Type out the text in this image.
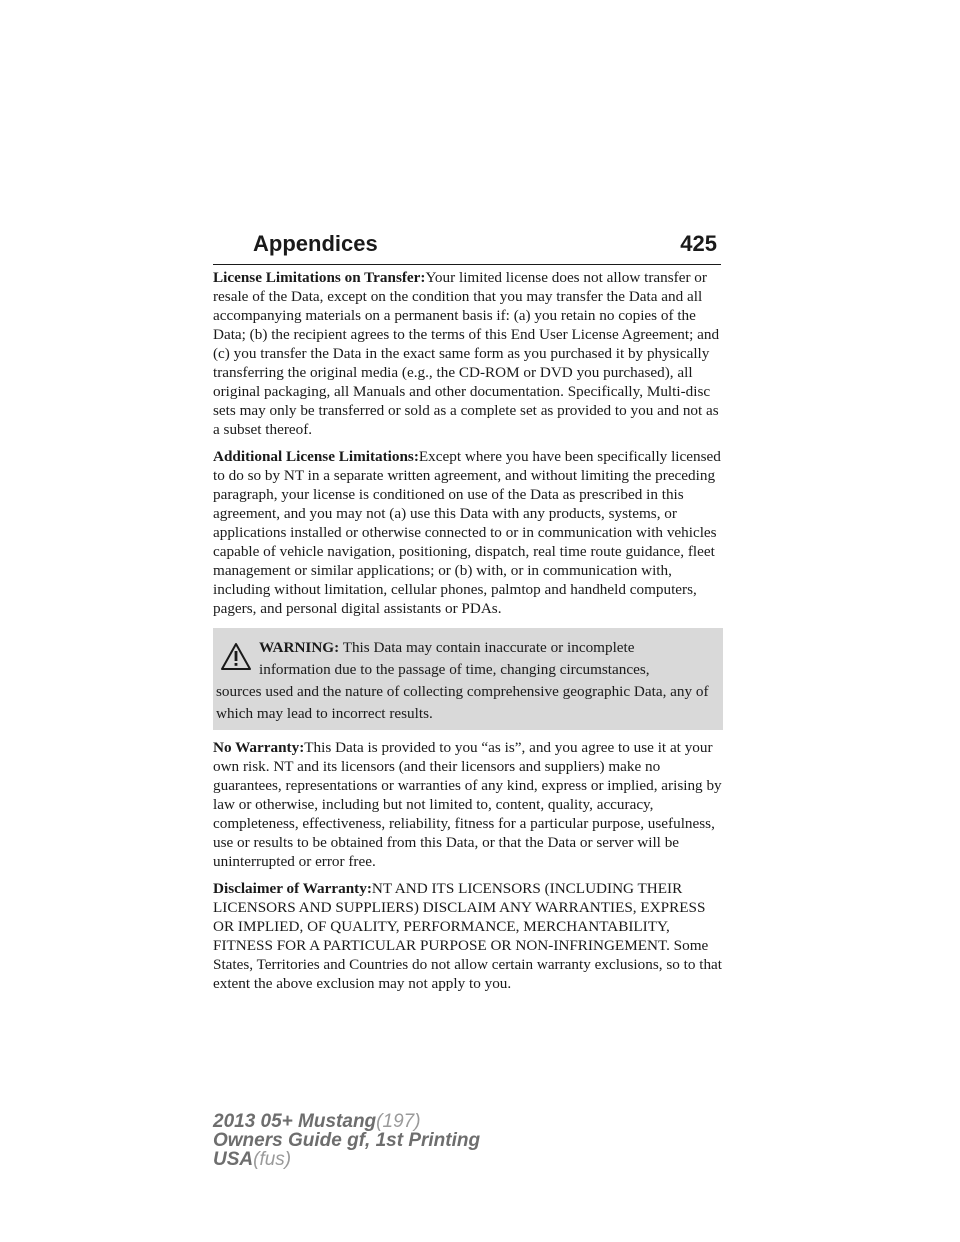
Appendices	425

License Limitations on Transfer:Your limited license does not allow transfer or resale of the Data, except on the condition that you may transfer the Data and all accompanying materials on a permanent basis if: (a) you retain no copies of the Data; (b) the recipient agrees to the terms of this End User License Agreement; and (c) you transfer the Data in the exact same form as you purchased it by physically transferring the original media (e.g., the CD-ROM or DVD you purchased), all original packaging, all Manuals and other documentation. Specifically, Multi-disc sets may only be transferred or sold as a complete set as provided to you and not as a subset thereof.

Additional License Limitations:Except where you have been specifically licensed to do so by NT in a separate written agreement, and without limiting the preceding paragraph, your license is conditioned on use of the Data as prescribed in this agreement, and you may not (a) use this Data with any products, systems, or applications installed or otherwise connected to or in communication with vehicles capable of vehicle navigation, positioning, dispatch, real time route guidance, fleet management or similar applications; or (b) with, or in communication with, including without limitation, cellular phones, palmtop and handheld computers, pagers, and personal digital assistants or PDAs.

WARNING: This Data may contain inaccurate or incomplete
information due to the passage of time, changing circumstances,
sources used and the nature of collecting comprehensive geographic Data, any of which may lead to incorrect results.

No Warranty:This Data is provided to you “as is”, and you agree to use it at your own risk. NT and its licensors (and their licensors and suppliers) make no guarantees, representations or warranties of any kind, express or implied, arising by law or otherwise, including but not limited to, content, quality, accuracy, completeness, effectiveness, reliability, fitness for a particular purpose, usefulness, use or results to be obtained from this Data, or that the Data or server will be uninterrupted or error free.

Disclaimer of Warranty:NT AND ITS LICENSORS (INCLUDING THEIR LICENSORS AND SUPPLIERS) DISCLAIM ANY WARRANTIES, EXPRESS OR IMPLIED, OF QUALITY, PERFORMANCE, MERCHANTABILITY, FITNESS FOR A PARTICULAR PURPOSE OR NON-INFRINGEMENT. Some States, Territories and Countries do not allow certain warranty exclusions, so to that extent the above exclusion may not apply to you.

2013 05+ Mustang(197)
Owners Guide gf, 1st Printing
USA(fus)
